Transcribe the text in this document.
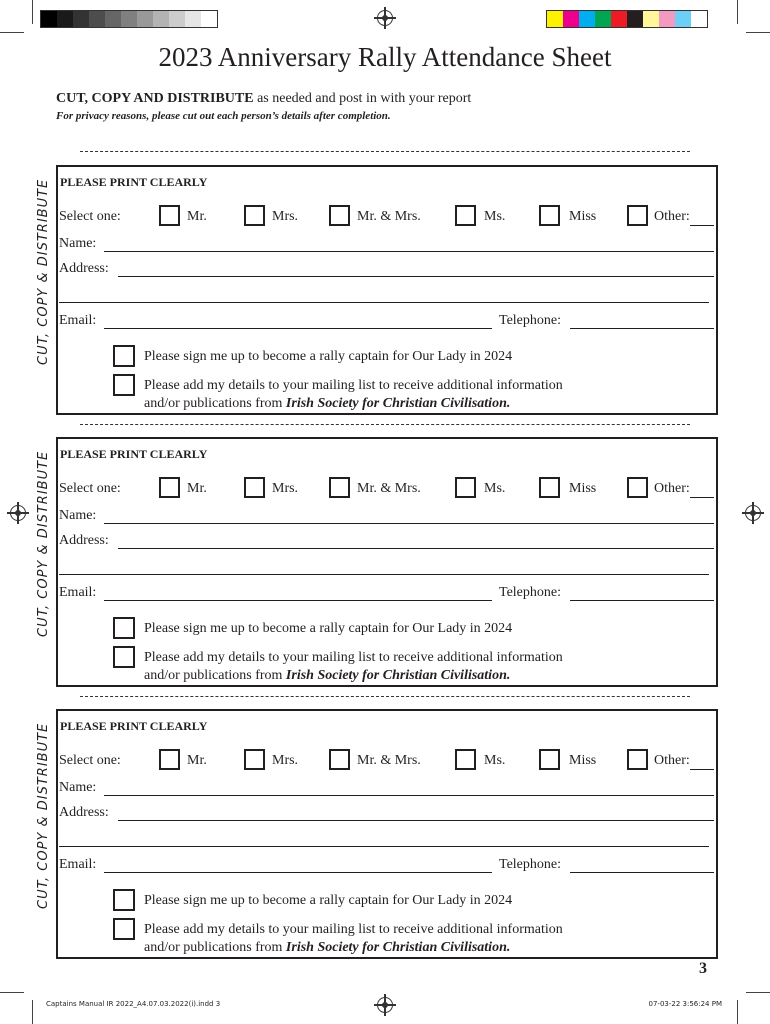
2023 Anniversary Rally Attendance Sheet
CUT, COPY AND DISTRIBUTE as needed and post in with your report
For privacy reasons, please cut out each person’s details after completion.
CUT, COPY & DISTRIBUTE PLEASE PRINT CLEARLY
Select one:	Mr.	Mrs.	Mr. & Mrs.	Ms.	Miss	Other:
Name:
Address:
Email:	Telephone:
Please sign me up to become a rally captain for Our Lady in 2024
Please add my details to your mailing list to receive additional information
and/or publications from Irish Society for Christian Civilisation.
CUT, COPY & DISTRIBUTE PLEASE PRINT CLEARLY
Select one:	Mr.	Mrs.	Mr. & Mrs.	Ms.	Miss	Other:
Name:
Address:
Email:	Telephone:
Please sign me up to become a rally captain for Our Lady in 2024
Please add my details to your mailing list to receive additional information
and/or publications from Irish Society for Christian Civilisation.
CUT, COPY & DISTRIBUTE PLEASE PRINT CLEARLY
Select one:	Mr.	Mrs.	Mr. & Mrs.	Ms.	Miss	Other:
Name:
Address:
Email:	Telephone:
Please sign me up to become a rally captain for Our Lady in 2024
Please add my details to your mailing list to receive additional information
and/or publications from Irish Society for Christian Civilisation.
3
Captains Manual IR 2022_A4.07.03.2022(i).indd 3	07-03-22 3:56:24 PM
